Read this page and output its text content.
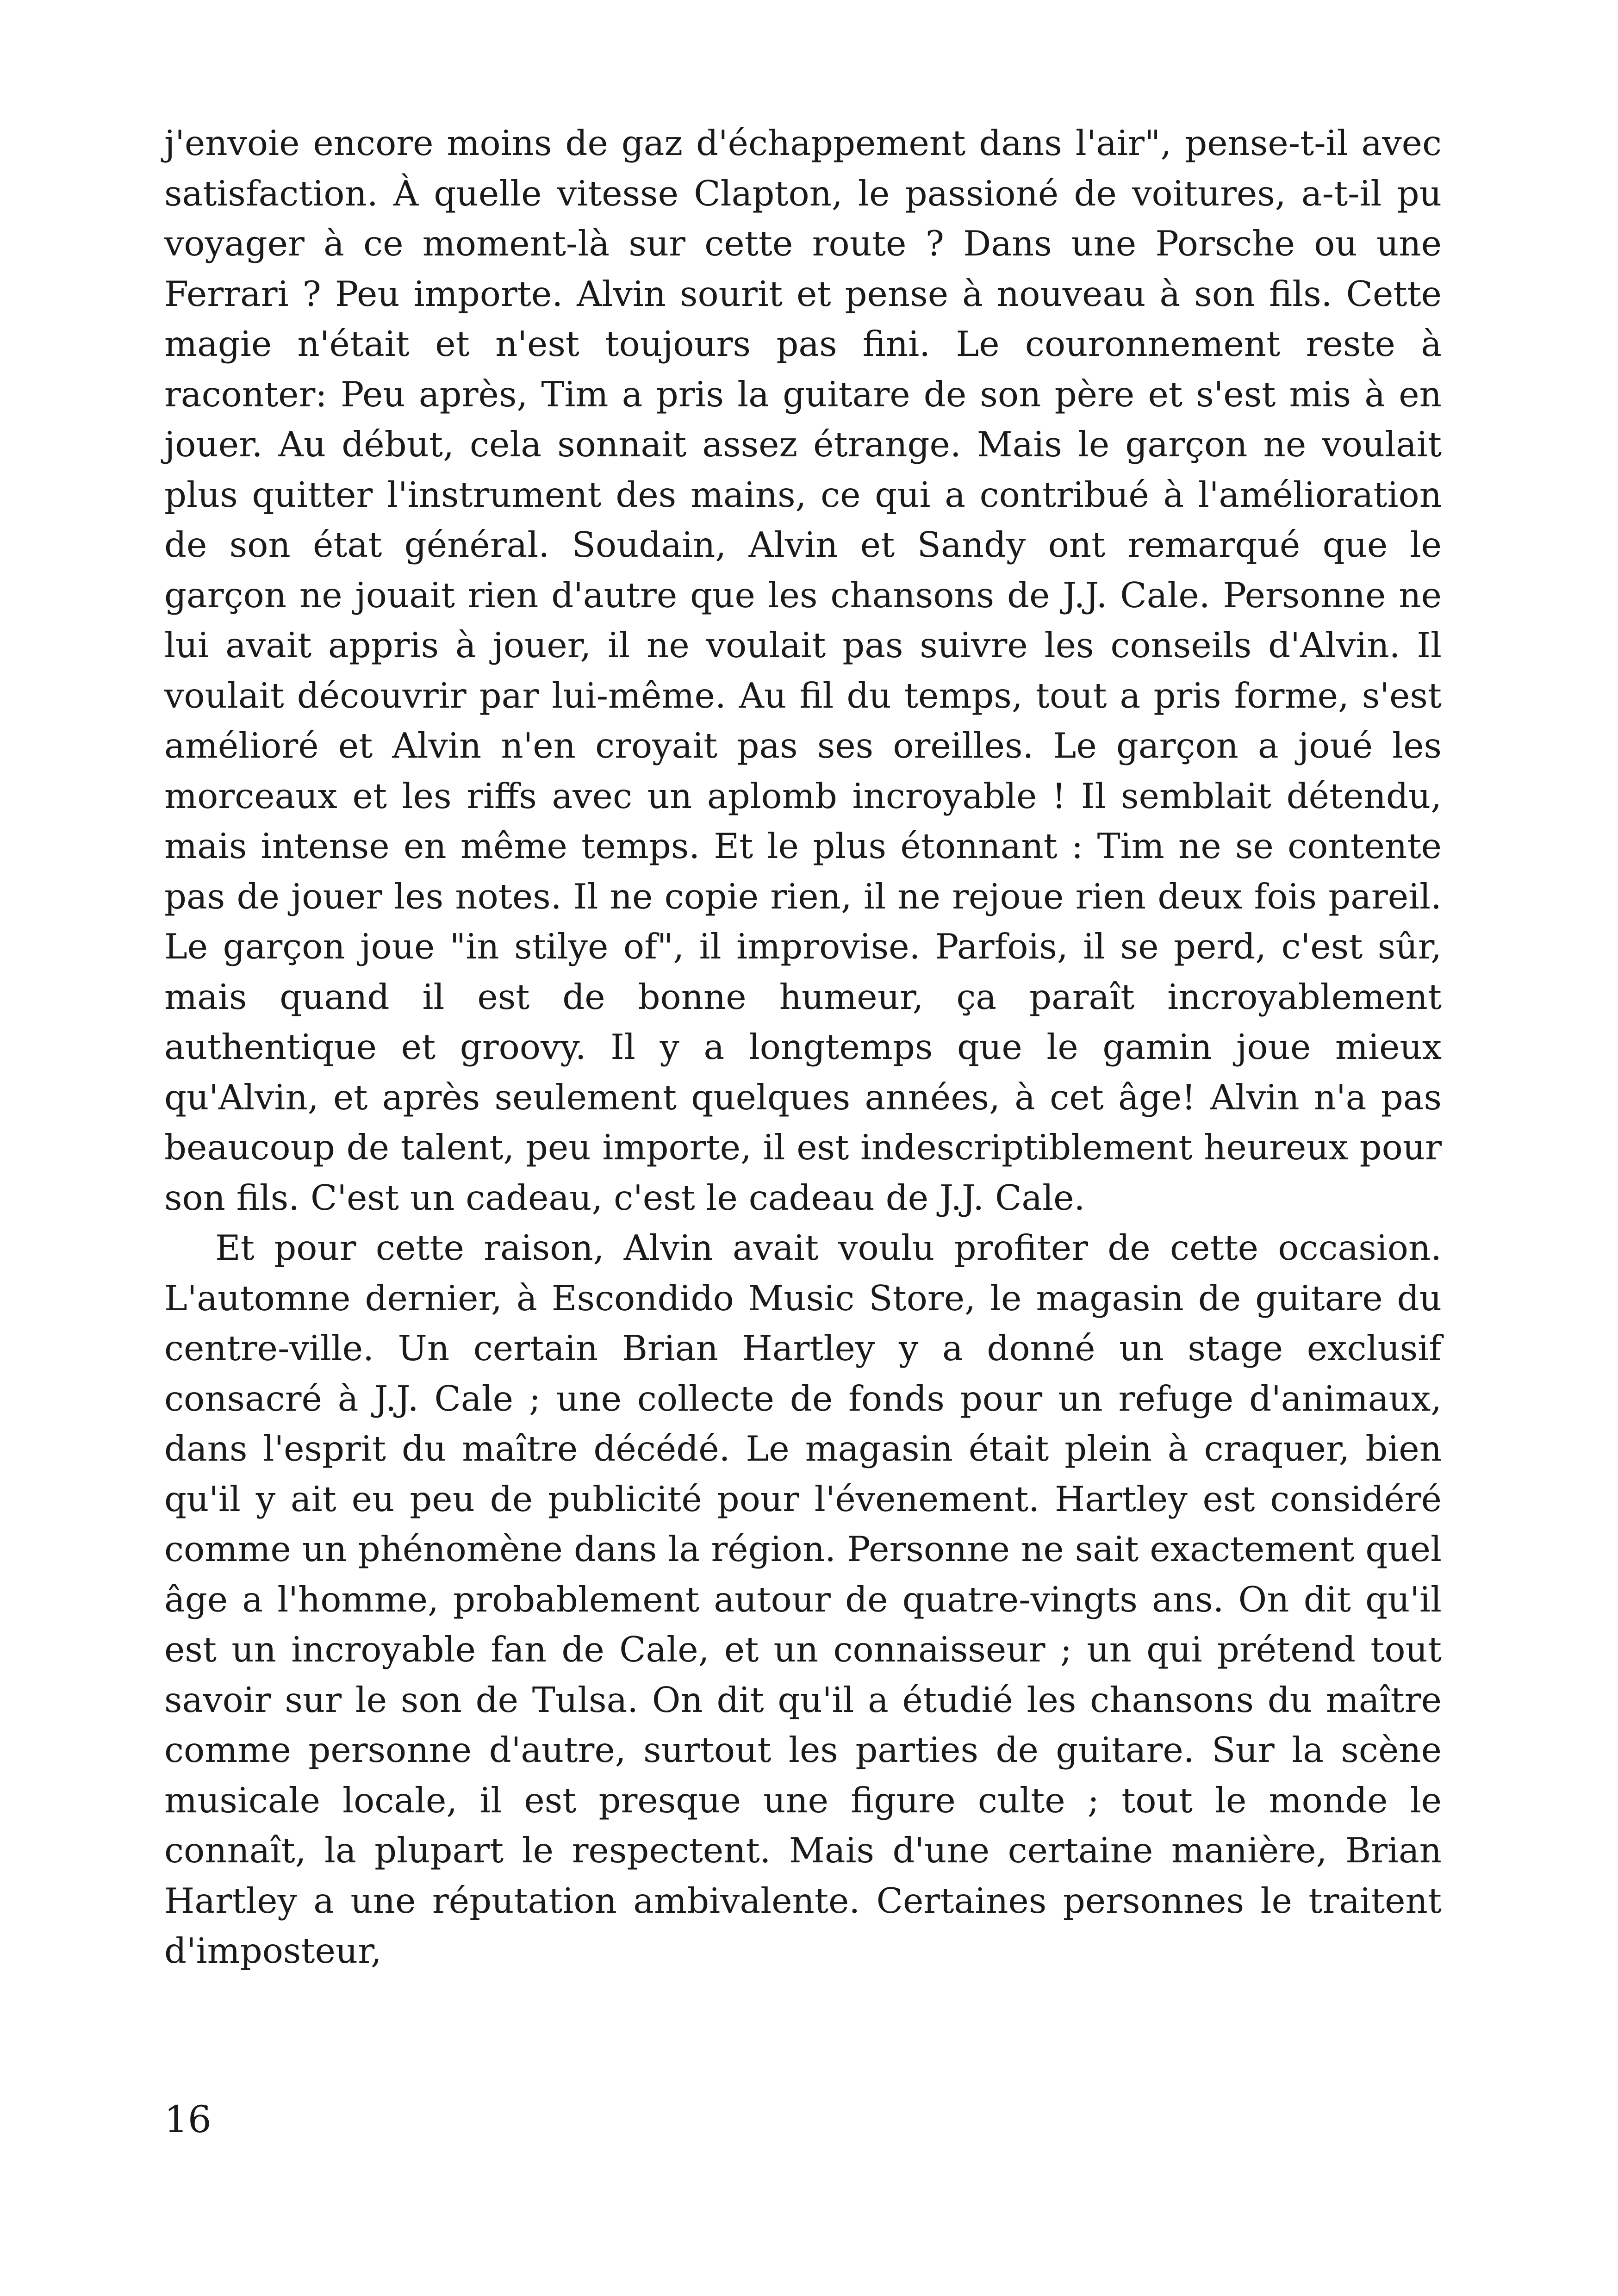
j'envoie encore moins de gaz d'échappement dans l'air", pense-t-il avec satisfaction. À quelle vitesse Clapton, le passioné de voitures, a-t-il pu voyager à ce moment-là sur cette route ? Dans une Porsche ou une Ferrari ? Peu importe. Alvin sourit et pense à nouveau à son fils. Cette magie n'était et n'est toujours pas fini. Le couronnement reste à raconter: Peu après, Tim a pris la guitare de son père et s'est mis à en jouer. Au début, cela sonnait assez étrange. Mais le garçon ne voulait plus quitter l'instrument des mains, ce qui a contribué à l'amélioration de son état général. Soudain, Alvin et Sandy ont remarqué que le garçon ne jouait rien d'autre que les chansons de J.J. Cale. Personne ne lui avait appris à jouer, il ne voulait pas suivre les conseils d'Alvin. Il voulait découvrir par lui-même. Au fil du temps, tout a pris forme, s'est amélioré et Alvin n'en croyait pas ses oreilles. Le garçon a joué les morceaux et les riffs avec un aplomb incroyable ! Il semblait détendu, mais intense en même temps. Et le plus étonnant : Tim ne se contente pas de jouer les notes. Il ne copie rien, il ne rejoue rien deux fois pareil. Le garçon joue "in stilye of", il improvise. Parfois, il se perd, c'est sûr, mais quand il est de bonne humeur, ça paraît incroyablement authentique et groovy. Il y a longtemps que le gamin joue mieux qu'Alvin, et après seulement quelques années, à cet âge! Alvin n'a pas beaucoup de talent, peu importe, il est indescriptiblement heureux pour son fils. C'est un cadeau, c'est le cadeau de J.J. Cale.

Et pour cette raison, Alvin avait voulu profiter de cette occasion. L'automne dernier, à Escondido Music Store, le magasin de guitare du centre-ville. Un certain Brian Hartley y a donné un stage exclusif consacré à J.J. Cale ; une collecte de fonds pour un refuge d'animaux, dans l'esprit du maître décédé. Le magasin était plein à craquer, bien qu'il y ait eu peu de publicité pour l'évenement. Hartley est considéré comme un phénomène dans la région. Personne ne sait exactement quel âge a l'homme, probablement autour de quatre-vingts ans. On dit qu'il est un incroyable fan de Cale, et un connaisseur ; un qui prétend tout savoir sur le son de Tulsa. On dit qu'il a étudié les chansons du maître comme personne d'autre, surtout les parties de guitare. Sur la scène musicale locale, il est presque une figure culte ; tout le monde le connaît, la plupart le respectent. Mais d'une certaine manière, Brian Hartley a une réputation ambivalente. Certaines personnes le traitent d'imposteur,

16
